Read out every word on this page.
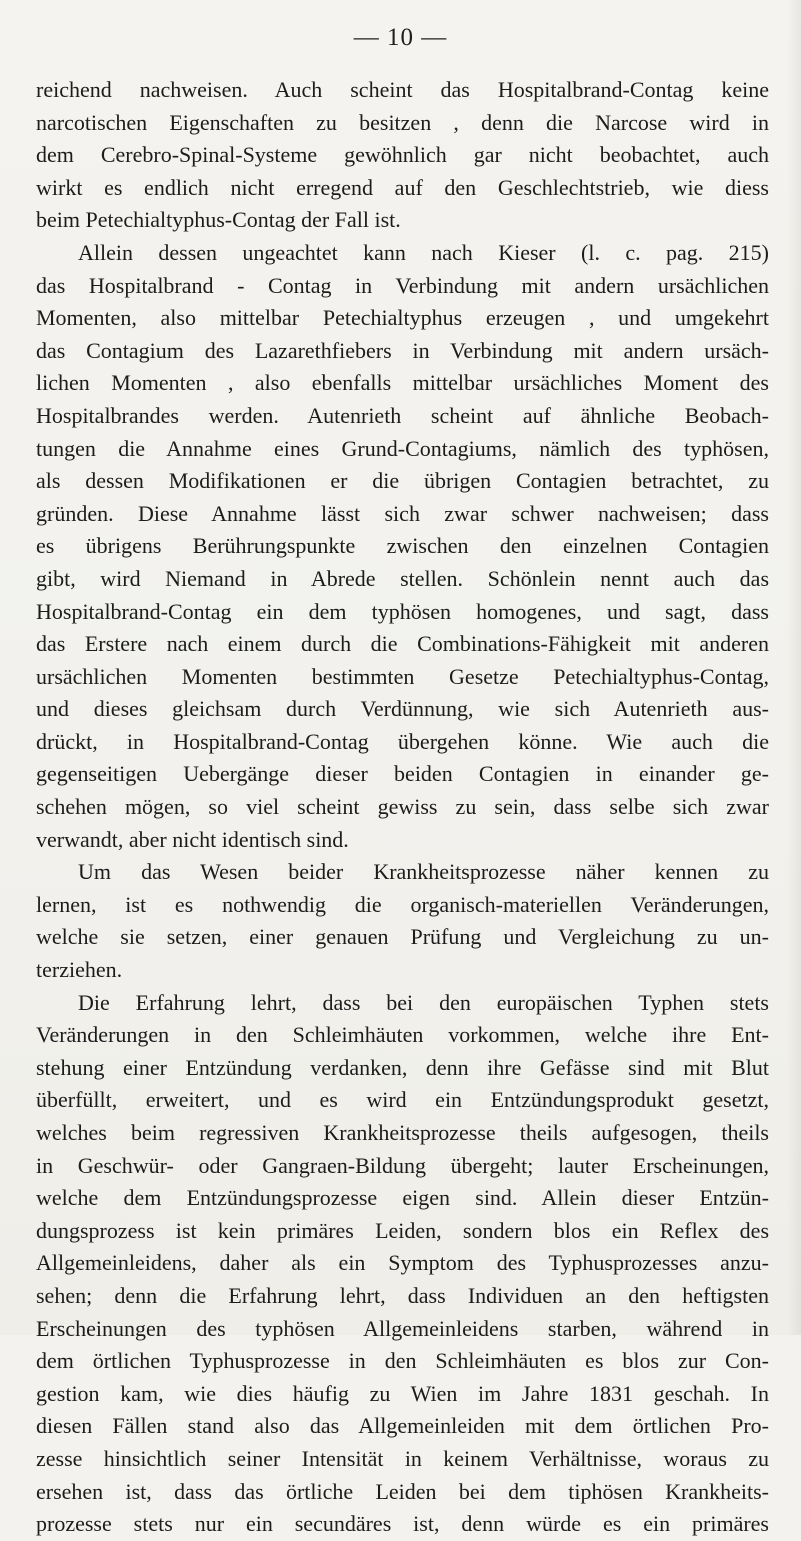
— 10 —
reichend nachweisen. Auch scheint das Hospitalbrand-Contag keine
narcotischen Eigenschaften zu besitzen , denn die Narcose wird in
dem Cerebro-Spinal-Systeme gewöhnlich gar nicht beobachtet, auch
wirkt es endlich nicht erregend auf den Geschlechtstrieb, wie diess
beim Petechialtyphus-Contag der Fall ist.
Allein dessen ungeachtet kann nach Kieser (l. c. pag. 215)
das Hospitalbrand - Contag in Verbindung mit andern ursächlichen
Momenten, also mittelbar Petechialtyphus erzeugen , und umgekehrt
das Contagium des Lazarethfiebers in Verbindung mit andern ursäch-
lichen Momenten , also ebenfalls mittelbar ursächliches Moment des
Hospitalbrandes werden. Autenrieth scheint auf ähnliche Beobach-
tungen die Annahme eines Grund-Contagiums, nämlich des typhösen,
als dessen Modifikationen er die übrigen Contagien betrachtet, zu
gründen. Diese Annahme lässt sich zwar schwer nachweisen; dass
es übrigens Berührungspunkte zwischen den einzelnen Contagien
gibt, wird Niemand in Abrede stellen. Schönlein nennt auch das
Hospitalbrand-Contag ein dem typhösen homogenes, und sagt, dass
das Erstere nach einem durch die Combinations-Fähigkeit mit anderen
ursächlichen Momenten bestimmten Gesetze Petechialtyphus-Contag,
und dieses gleichsam durch Verdünnung, wie sich Autenrieth aus-
drückt, in Hospitalbrand-Contag übergehen könne. Wie auch die
gegenseitigen Uebergänge dieser beiden Contagien in einander ge-
schehen mögen, so viel scheint gewiss zu sein, dass selbe sich zwar
verwandt, aber nicht identisch sind.
Um das Wesen beider Krankheitsprozesse näher kennen zu
lernen, ist es nothwendig die organisch-materiellen Veränderungen,
welche sie setzen, einer genauen Prüfung und Vergleichung zu un-
terziehen.
Die Erfahrung lehrt, dass bei den europäischen Typhen stets
Veränderungen in den Schleimhäuten vorkommen, welche ihre Ent-
stehung einer Entzündung verdanken, denn ihre Gefässe sind mit Blut
überfüllt, erweitert, und es wird ein Entzündungsprodukt gesetzt,
welches beim regressiven Krankheitsprozesse theils aufgesogen, theils
in Geschwür- oder Gangraen-Bildung übergeht; lauter Erscheinungen,
welche dem Entzündungsprozesse eigen sind. Allein dieser Entzün-
dungsprozess ist kein primäres Leiden, sondern blos ein Reflex des
Allgemeinleidens, daher als ein Symptom des Typhusprozesses anzu-
sehen; denn die Erfahrung lehrt, dass Individuen an den heftigsten
Erscheinungen des typhösen Allgemeinleidens starben, während in
dem örtlichen Typhusprozesse in den Schleimhäuten es blos zur Con-
gestion kam, wie dies häufig zu Wien im Jahre 1831 geschah. In
diesen Fällen stand also das Allgemeinleiden mit dem örtlichen Pro-
zesse hinsichtlich seiner Intensität in keinem Verhältnisse, woraus zu
ersehen ist, dass das örtliche Leiden bei dem tiphösen Krankheits-
prozesse stets nur ein secundäres ist, denn würde es ein primäres
